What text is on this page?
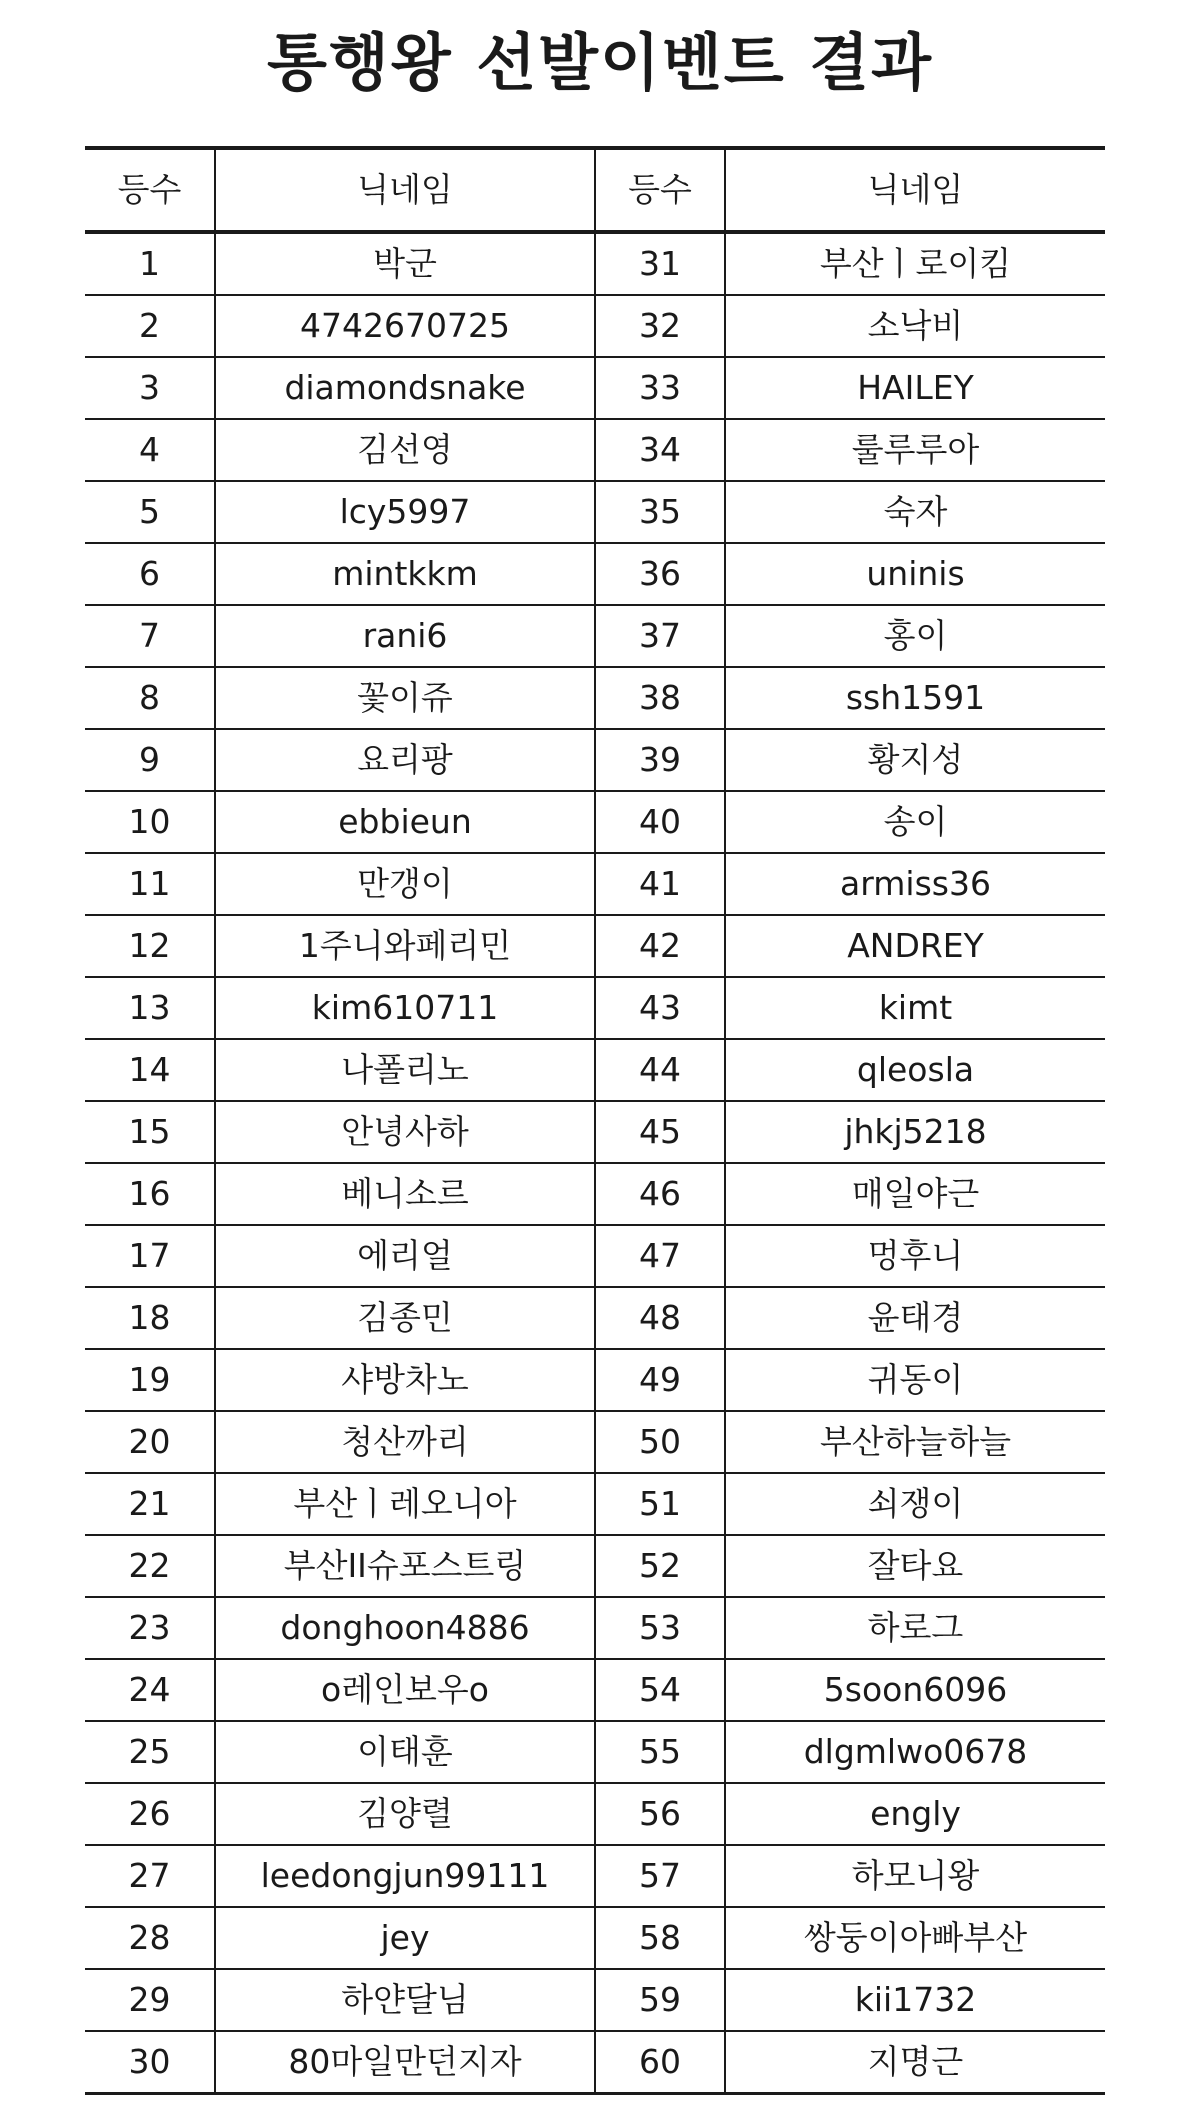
통행왕 선발이벤트 결과
등수	닉네임	등수	닉네임
1	박군	31	부산ㅣ로이킴
2	4742670725	32	소낙비
3	diamondsnake	33	HAILEY
4	김선영	34	룰루루아
5	lcy5997	35	숙자
6	mintkkm	36	uninis
7	rani6	37	홍이
8	꽃이쥬	38	ssh1591
9	요리팡	39	황지성
10	ebbieun	40	송이
11	만갱이	41	armiss36
12	1주니와페리민	42	ANDREY
13	kim610711	43	kimt
14	나폴리노	44	qleosla
15	안녕사하	45	jhkj5218
16	베니소르	46	매일야근
17	에리얼	47	멍후니
18	김종민	48	윤태경
19	샤방차노	49	귀동이
20	청산까리	50	부산하늘하늘
21	부산ㅣ레오니아	51	쇠쟁이
22	부산II슈포스트링	52	잘타요
23	donghoon4886	53	하로그
24	o레인보우o	54	5soon6096
25	이태훈	55	dlgmlwo0678
26	김양렬	56	engly
27	leedongjun99111	57	하모니왕
28	jey	58	쌍둥이아빠부산
29	하얀달님	59	kii1732
30	80마일만던지자	60	지명근
